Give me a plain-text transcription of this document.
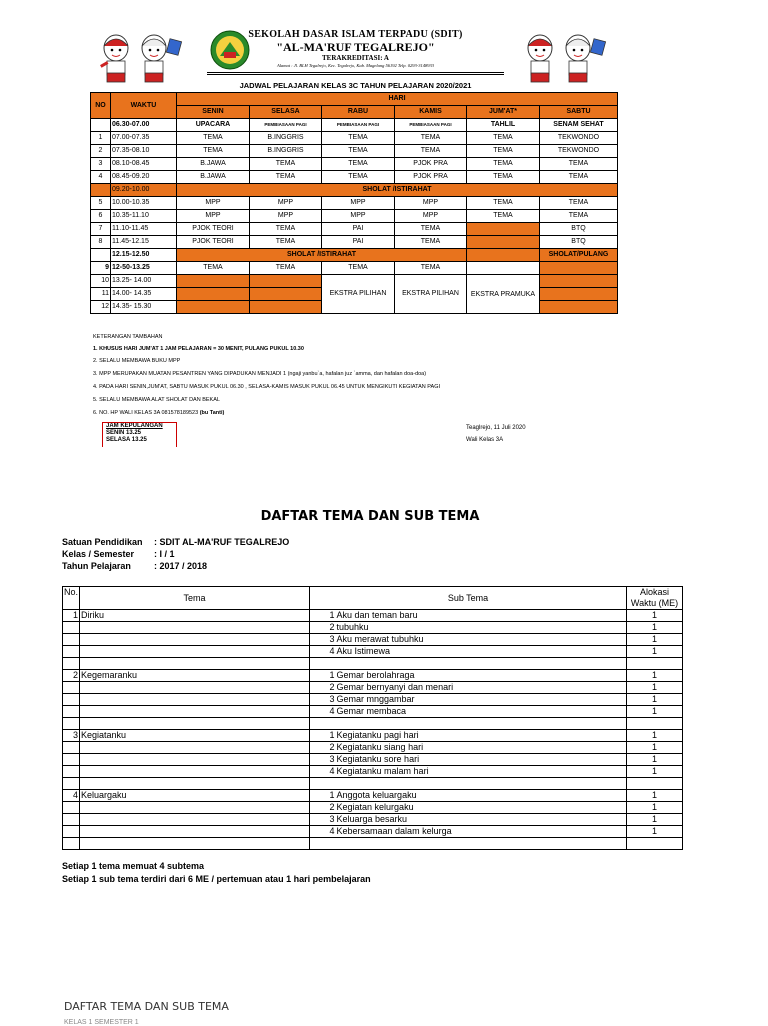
SEKOLAH DASAR ISLAM TERPADU (SDIT)
"AL-MA'RUF TEGALREJO"
TERAKREDITASI: A
Alamat : Jl. BLH Tegalrejo, Kec. Tegalrejo, Kab. Magelang 56192 Telp. 0293-3148933
JADWAL PELAJARAN KELAS 3C TAHUN PELAJARAN 2020/2021
NO	WAKTU	HARI					
		SENIN	SELASA	RABU	KAMIS	JUM'AT*	SABTU
	06.30-07.00	UPACARA	PEMBIASAAN PAGI	PEMBIASAAN PAGI	PEMBIASAAN PAGI	TAHLIL	SENAM SEHAT
1	07.00-07.35	TEMA	B.INGGRIS	TEMA	TEMA	TEMA	TEKWONDO
2	07.35-08.10	TEMA	B.INGGRIS	TEMA	TEMA	TEMA	TEKWONDO
3	08.10-08.45	B.JAWA	TEMA	TEMA	PJOK PRA	TEMA	TEMA
4	08.45-09.20	B.JAWA	TEMA	TEMA	PJOK PRA	TEMA	TEMA
	09.20-10.00	SHOLAT /ISTIRAHAT					
5	10.00-10.35	MPP	MPP	MPP	MPP	TEMA	TEMA
6	10.35-11.10	MPP	MPP	MPP	MPP	TEMA	TEMA
7	11.10-11.45	PJOK TEORI	TEMA	PAI	TEMA		BTQ
8	11.45-12.15	PJOK TEORI	TEMA	PAI	TEMA		BTQ
	12.15-12.50	SHOLAT /ISTIRAHAT					SHOLAT/PULANG
9	12-50-13.25	TEMA	TEMA	TEMA	TEMA		
10	13.25- 14.00			EKSTRA PILIHAN	EKSTRA PILIHAN	EKSTRA PRAMUKA	
11	14.00- 14.35						
12	14.35- 15.30						
KETERANGAN TAMBAHAN
1. KHUSUS HARI JUM'AT 1 JAM PELAJARAN = 30 MENIT, PULANG PUKUL 10.30
2. SELALU MEMBAWA BUKU MPP
3. MPP MERUPAKAN MUATAN PESANTREN YANG DIPADUKAN MENJADI 1 (ngaji yanbu`a, hafalan juz `amma, dan hafalan doa-doa)
4. PADA HARI SENIN,JUM'AT, SABTU MASUK PUKUL 06.30 , SELASA-KAMIS MASUK PUKUL 06.45 UNTUK MENGIKUTI KEGIATAN PAGI
5. SELALU MEMBAWA ALAT SHOLAT DAN BEKAL
6. NO. HP WALI KELAS 3A 081578189523 (bu Tanti)
JAM KEPULANGAN
SENIN 13.25
SELASA 13.25
Teaglrejo, 11 Juli 2020
Wali Kelas 3A
DAFTAR TEMA DAN SUB TEMA
Satuan Pendidikan : SDIT AL-MA'RUF TEGALREJO
Kelas / Semester : I / 1
Tahun Pelajaran	: 2017 / 2018
No.	Tema	Sub Tema		Alokasi
				Waktu (ME)
1	Diriku	1	Aku dan teman baru	1
		2	tubuhku	1
		3	Aku merawat tubuhku	1
		4	Aku Istimewa	1

2	Kegemaranku	1	Gemar berolahraga	1
		2	Gemar bernyanyi dan menari	1
		3	Gemar mnggambar	1
		4	Gemar membaca	1

3	Kegiatanku	1	Kegiatanku pagi hari	1
		2	Kegiatanku siang hari	1
		3	Kegiatanku sore hari	1
		4	Kegiatanku malam hari	1

4	Keluargaku	1	Anggota keluargaku	1
		2	Kegiatan kelurgaku	1
		3	Keluarga besarku	1
		4	Kebersamaan dalam kelurga	1

Setiap 1 tema memuat 4 subtema
Setiap 1 sub tema terdiri dari 6 ME / pertemuan atau 1 hari pembelajaran
DAFTAR TEMA DAN SUB TEMA
KELAS 1 SEMESTER 1
